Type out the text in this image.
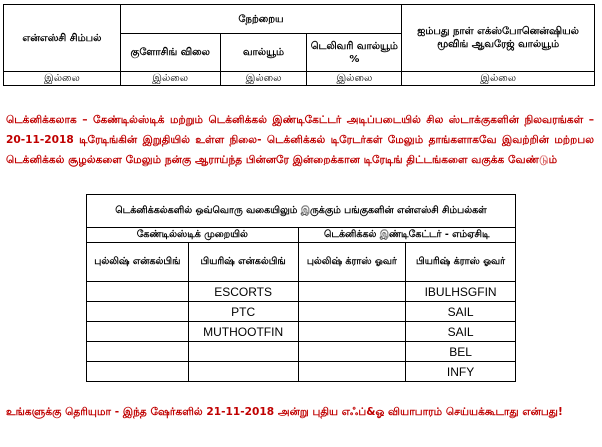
என்எஸ்சி சிம்பல்	நேற்றைய			ஐம்பது நாள் எக்ஸ்போனென்ஷியல் மூவிங் ஆவரேஜ் வால்யூம்
	குளோசிங் விலை	வால்யூம்	டெலிவரி வால்யூம் %	
இல்லை	இல்லை	இல்லை	இல்லை	இல்லை
டெக்னிக்கலாக – கேண்டில்ஸ்டிக் மற்றும் டெக்னிக்கல் இண்டிகேட்டர் அடிப்படையில் சில ஸ்டாக்குகளின் நிலவரங்கள் – 20-11-2018 டிரேடிங்கின் இறுதியில் உள்ள நிலை- டெக்னிக்கல் டிரேடர்கள் மேலும் தாங்களாகவே இவற்றின் மற்றபல டெக்னிக்கல் சூழல்களை மேலும் நன்கு ஆராய்ந்த பின்னரே இன்றைக்கான டிரேடிங் திட்டங்களை வகுக்க வேண்டும்
டெக்னிக்கல்களில் ஒவ்வொரு வகையிலும் இருக்கும் பங்குகளின் என்எஸ்சி சிம்பல்கள்			
கேண்டில்ஸ்டிக் முறையில்		டெக்னிக்கல் இண்டிகேட்டர் - எம்ஏசிடி	
புல்லிஷ் என்கல்பிங்	பியரிஷ் என்கல்பிங்	புல்லிஷ் க்ராஸ் ஓவர்	பியரிஷ் க்ராஸ் ஓவர்
	ESCORTS		IBULHSGFIN
	PTC		SAIL
	MUTHOOTFIN		SAIL
			BEL
			INFY
உங்களுக்கு தெரியுமா - இந்த ஷேர்களில் 21-11-2018 அன்று புதிய எஃப்&ஓ வியாபாரம் செய்யக்கூடாது என்பது!
